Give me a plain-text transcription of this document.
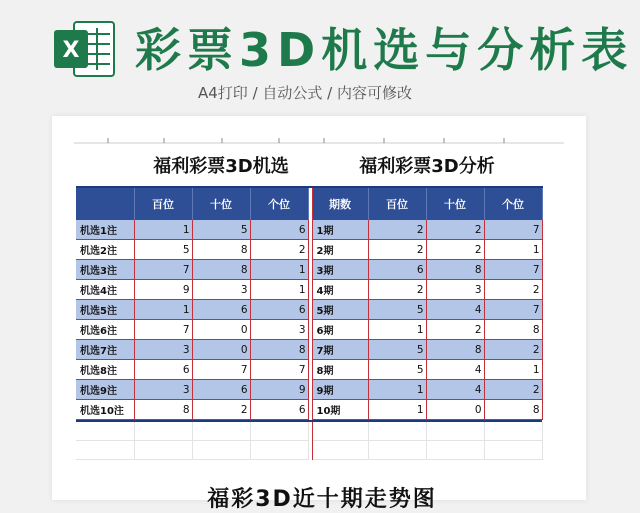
X 彩票3D机选与分析表
A4打印 / 自动公式 / 内容可修改
	福利彩票3D机选				福利彩票3D分析			
	百位	十位	个位		期数	百位	十位	个位
机选1注	1	5	6		1期	2	2	7
机选2注	5	8	2		2期	2	2	1
机选3注	7	8	1		3期	6	8	7
机选4注	9	3	1		4期	2	3	2
机选5注	1	6	6		5期	5	4	7
机选6注	7	0	3		6期	1	2	8
机选7注	3	0	8		7期	5	8	2
机选8注	6	7	7		8期	5	4	1
机选9注	3	6	9		9期	1	4	2
机选10注	8	2	6		10期	1	0	8

福彩3D近十期走势图
